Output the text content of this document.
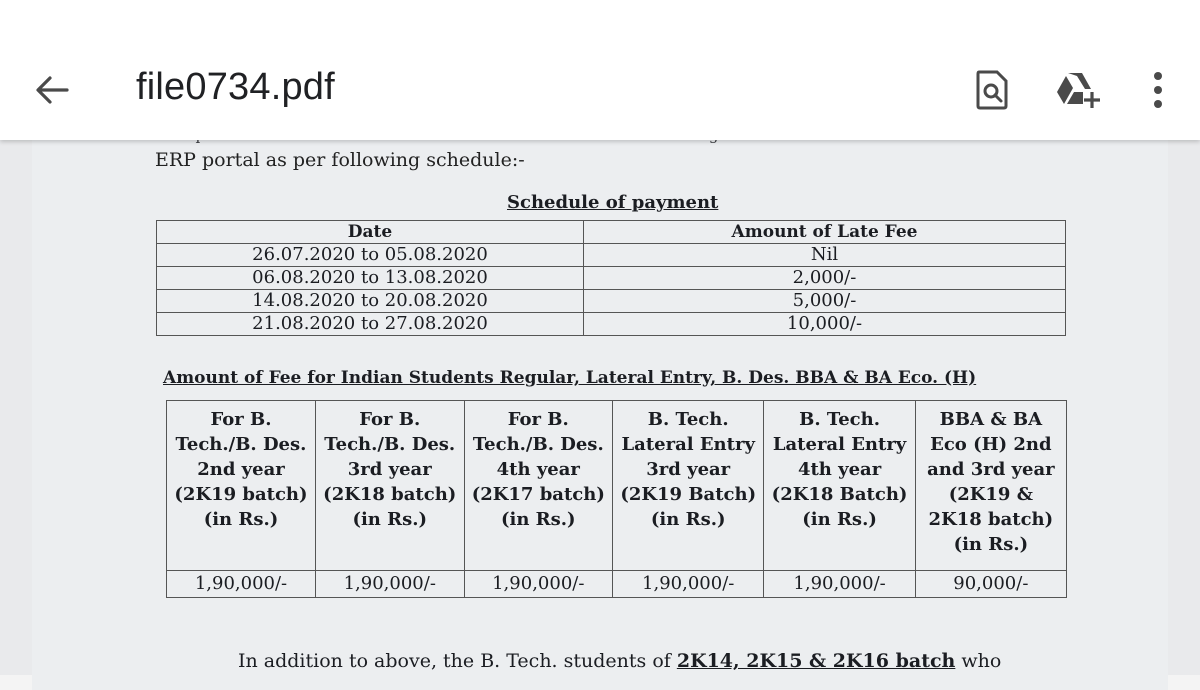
ERP portal as per following schedule:-
Schedule of payment
Date	Amount of Late Fee
26.07.2020 to 05.08.2020	Nil
06.08.2020 to 13.08.2020	2,000/-
14.08.2020 to 20.08.2020	5,000/-
21.08.2020 to 27.08.2020	10,000/-
Amount of Fee for Indian Students Regular, Lateral Entry, B. Des. BBA & BA Eco. (H)
For B. Tech./B. Des. 2nd year (2K19 batch) (in Rs.)	For B. Tech./B. Des. 3rd year (2K18 batch) (in Rs.)	For B. Tech./B. Des. 4th year (2K17 batch) (in Rs.)	B. Tech. Lateral Entry 3rd year (2K19 Batch) (in Rs.)	B. Tech. Lateral Entry 4th year (2K18 Batch) (in Rs.)	BBA & BA Eco (H) 2nd and 3rd year (2K19 & 2K18 batch) (in Rs.)
1,90,000/-	1,90,000/-	1,90,000/-	1,90,000/-	1,90,000/-	90,000/-
In addition to above, the B. Tech. students of 2K14, 2K15 & 2K16 batch who
file0734.pdf
